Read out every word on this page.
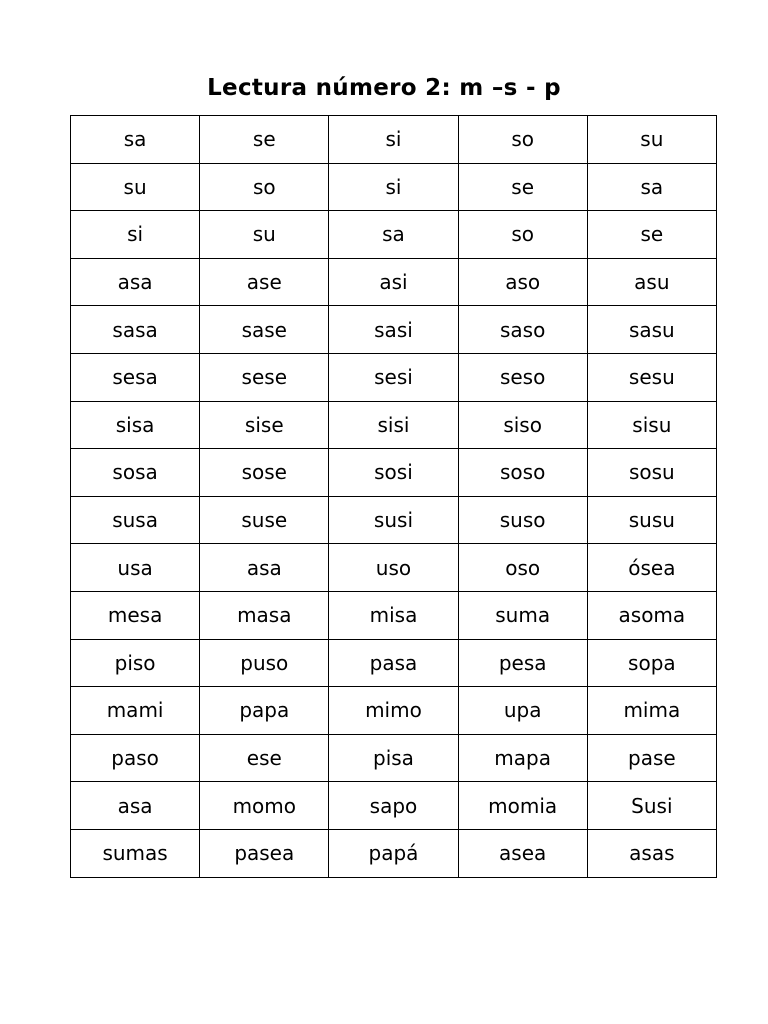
Lectura número 2: m –s - p
sa	se	si	so	su
su	so	si	se	sa
si	su	sa	so	se
asa	ase	asi	aso	asu
sasa	sase	sasi	saso	sasu
sesa	sese	sesi	seso	sesu
sisa	sise	sisi	siso	sisu
sosa	sose	sosi	soso	sosu
susa	suse	susi	suso	susu
usa	asa	uso	oso	ósea
mesa	masa	misa	suma	asoma
piso	puso	pasa	pesa	sopa
mami	papa	mimo	upa	mima
paso	ese	pisa	mapa	pase
asa	momo	sapo	momia	Susi
sumas	pasea	papá	asea	asas
